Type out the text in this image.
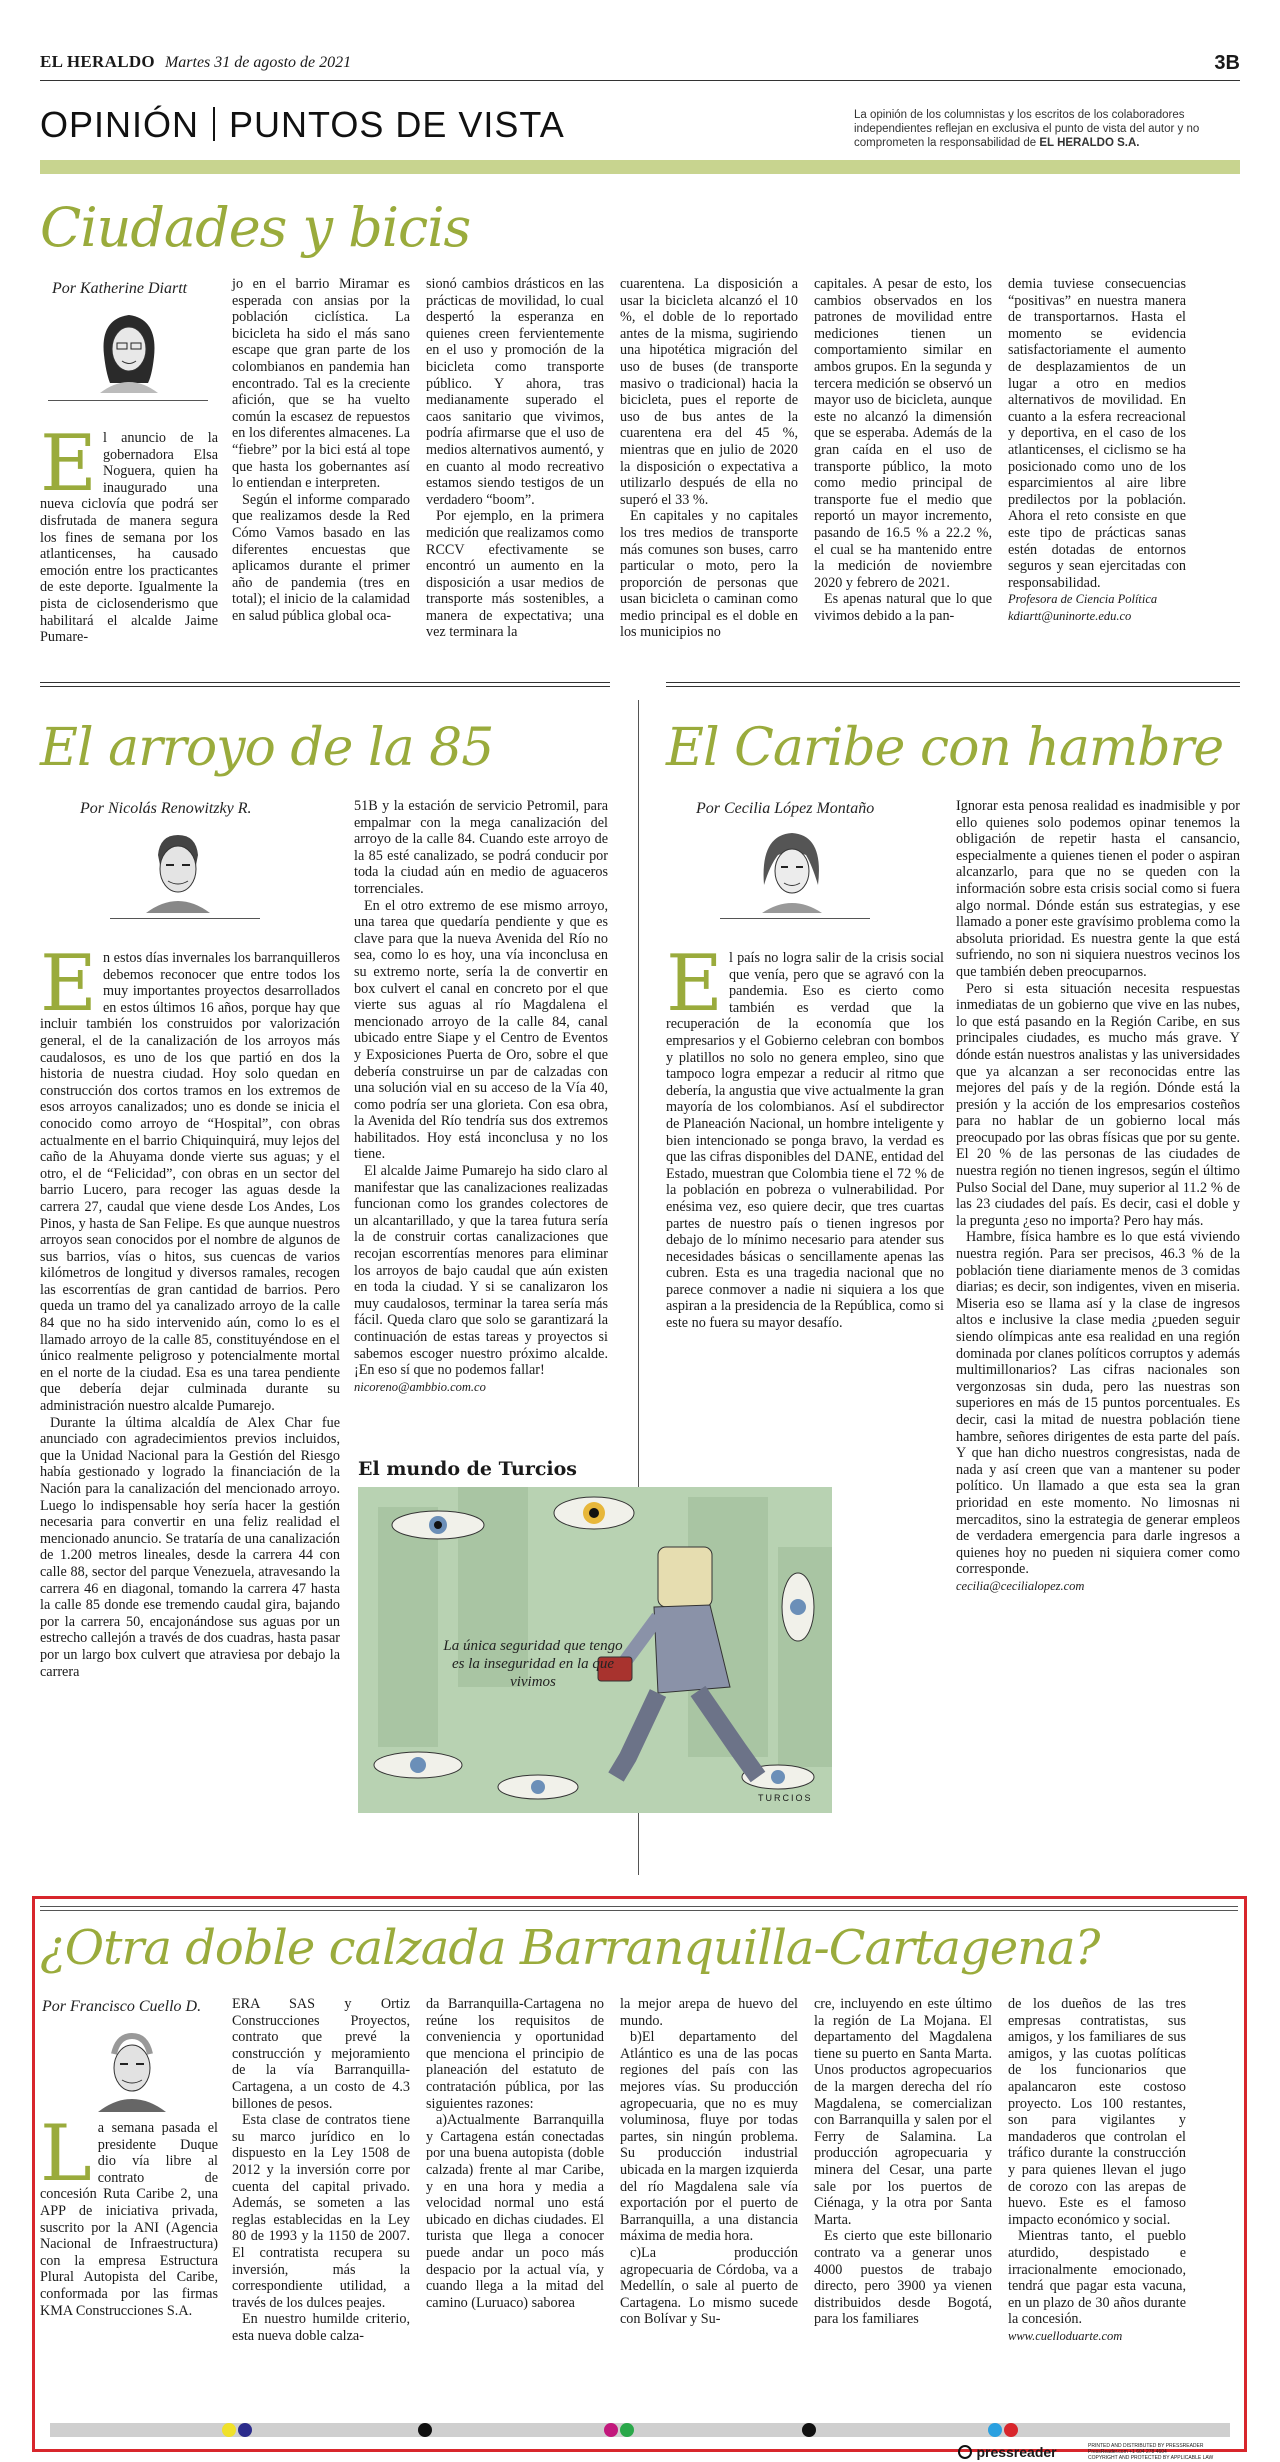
EL HERALDO Martes 31 de agosto de 2021	3B
OPINIÓN PUNTOS DE VISTA	La opinión de los columnistas y los escritos de los colaboradores independientes reflejan en exclusiva el punto de vista del autor y no comprometen la responsabilidad de EL HERALDO S.A.
Ciudades y bicis
Por Katherine Diartt
E l anuncio de la gobernadora Elsa Noguera, quien ha inaugurado una nueva ciclovía que podrá ser disfrutada de manera segura los fines de semana por los atlanticenses, ha causado emoción entre los practicantes de este deporte. Igualmente la pista de ciclosenderismo que habilitará el alcalde Jaime Pumare-

jo en el barrio Miramar es esperada con ansias por la población ciclística. La bicicleta ha sido el más sano escape que gran parte de los colombianos en pandemia han encontrado. Tal es la creciente afición, que se ha vuelto común la escasez de repuestos en los diferentes almacenes. La “fiebre” por la bici está al tope que hasta los gobernantes así lo entiendan e interpreten.

Según el informe comparado que realizamos desde la Red Cómo Vamos basado en las diferentes encuestas que aplicamos durante el primer año de pandemia (tres en total); el inicio de la calamidad en salud pública global oca-

sionó cambios drásticos en las prácticas de movilidad, lo cual despertó la esperanza en quienes creen fervientemente en el uso y promoción de la bicicleta como transporte público. Y ahora, tras medianamente superado el caos sanitario que vivimos, podría afirmarse que el uso de medios alternativos aumentó, y en cuanto al modo recreativo estamos siendo testigos de un verdadero “boom”.

Por ejemplo, en la primera medición que realizamos como RCCV efectivamente se encontró un aumento en la disposición a usar medios de transporte más sostenibles, a manera de expectativa; una vez terminara la

cuarentena. La disposición a usar la bicicleta alcanzó el 10 %, el doble de lo reportado antes de la misma, sugiriendo una hipotética migración del uso de buses (de transporte masivo o tradicional) hacia la bicicleta, pues el reporte de uso de bus antes de la cuarentena era del 45 %, mientras que en julio de 2020 la disposición o expectativa a utilizarlo después de ella no superó el 33 %.

En capitales y no capitales los tres medios de transporte más comunes son buses, carro particular o moto, pero la proporción de personas que usan bicicleta o caminan como medio principal es el doble en los municipios no

capitales. A pesar de esto, los cambios observados en los patrones de movilidad entre mediciones tienen un comportamiento similar en ambos grupos. En la segunda y tercera medición se observó un mayor uso de bicicleta, aunque este no alcanzó la dimensión que se esperaba. Además de la gran caída en el uso de transporte público, la moto como medio principal de transporte fue el medio que reportó un mayor incremento, pasando de 16.5 % a 22.2 %, el cual se ha mantenido entre la medición de noviembre 2020 y febrero de 2021.

Es apenas natural que lo que vivimos debido a la pan-

demia tuviese consecuencias “positivas” en nuestra manera de transportarnos. Hasta el momento se evidencia satisfactoriamente el aumento de desplazamientos de un lugar a otro en medios alternativos de movilidad. En cuanto a la esfera recreacional y deportiva, en el caso de los atlanticenses, el ciclismo se ha posicionado como uno de los esparcimientos al aire libre predilectos por la población. Ahora el reto consiste en que este tipo de prácticas sanas estén dotadas de entornos seguros y sean ejercitadas con responsabilidad.

Profesora de Ciencia Política

kdiartt@uninorte.edu.co

El arroyo de la 85
Por Nicolás Renowitzky R.
E n estos días invernales los barranquilleros debemos reconocer que entre todos los muy importantes proyectos desarrollados en estos últimos 16 años, porque hay que incluir también los construidos por valorización general, el de la canalización de los arroyos más caudalosos, es uno de los que partió en dos la historia de nuestra ciudad. Hoy solo quedan en construcción dos cortos tramos en los extremos de esos arroyos canalizados; uno es donde se inicia el conocido como arroyo de “Hospital”, con obras actualmente en el barrio Chiquinquirá, muy lejos del caño de la Ahuyama donde vierte sus aguas; y el otro, el de “Felicidad”, con obras en un sector del barrio Lucero, para recoger las aguas desde la carrera 27, caudal que viene desde Los Andes, Los Pinos, y hasta de San Felipe. Es que aunque nuestros arroyos sean conocidos por el nombre de algunos de sus barrios, vías o hitos, sus cuencas de varios kilómetros de longitud y diversos ramales, recogen las escorrentías de gran cantidad de barrios. Pero queda un tramo del ya canalizado arroyo de la calle 84 que no ha sido intervenido aún, como lo es el llamado arroyo de la calle 85, constituyéndose en el único realmente peligroso y potencialmente mortal en el norte de la ciudad. Esa es una tarea pendiente que debería dejar culminada durante su administración nuestro alcalde Pumarejo.

Durante la última alcaldía de Alex Char fue anunciado con agradecimientos previos incluidos, que la Unidad Nacional para la Gestión del Riesgo había gestionado y logrado la financiación de la Nación para la canalización del mencionado arroyo. Luego lo indispensable hoy sería hacer la gestión necesaria para convertir en una feliz realidad el mencionado anuncio. Se trataría de una canalización de 1.200 metros lineales, desde la carrera 44 con calle 88, sector del parque Venezuela, atravesando la carrera 46 en diagonal, tomando la carrera 47 hasta la calle 85 donde ese tremendo caudal gira, bajando por la carrera 50, encajonándose sus aguas por un estrecho callejón a través de dos cuadras, hasta pasar por un largo box culvert que atraviesa por debajo la carrera

51B y la estación de servicio Petromil, para empalmar con la mega canalización del arroyo de la calle 84. Cuando este arroyo de la 85 esté canalizado, se podrá conducir por toda la ciudad aún en medio de aguaceros torrenciales.

En el otro extremo de ese mismo arroyo, una tarea que quedaría pendiente y que es clave para que la nueva Avenida del Río no sea, como lo es hoy, una vía inconclusa en su extremo norte, sería la de convertir en box culvert el canal en concreto por el que vierte sus aguas al río Magdalena el mencionado arroyo de la calle 84, canal ubicado entre Siape y el Centro de Eventos y Exposiciones Puerta de Oro, sobre el que debería construirse un par de calzadas con una solución vial en su acceso de la Vía 40, como podría ser una glorieta. Con esa obra, la Avenida del Río tendría sus dos extremos habilitados. Hoy está inconclusa y no los tiene.

El alcalde Jaime Pumarejo ha sido claro al manifestar que las canalizaciones realizadas funcionan como los grandes colectores de un alcantarillado, y que la tarea futura sería la de construir cortas canalizaciones que recojan escorrentías menores para eliminar los arroyos de bajo caudal que aún existen en toda la ciudad. Y si se canalizaron los muy caudalosos, terminar la tarea sería más fácil. Queda claro que solo se garantizará la continuación de estas tareas y proyectos si sabemos escoger nuestro próximo alcalde. ¡En eso sí que no podemos fallar!

nicoreno@ambbio.com.co

El Caribe con hambre
Por Cecilia López Montaño
E l país no logra salir de la crisis social que venía, pero que se agravó con la pandemia. Eso es cierto como también es verdad que la recuperación de la economía que los empresarios y el Gobierno celebran con bombos y platillos no solo no genera empleo, sino que tampoco logra empezar a reducir al ritmo que debería, la angustia que vive actualmente la gran mayoría de los colombianos. Así el subdirector de Planeación Nacional, un hombre inteligente y bien intencionado se ponga bravo, la verdad es que las cifras disponibles del DANE, entidad del Estado, muestran que Colombia tiene el 72 % de la población en pobreza o vulnerabilidad. Por enésima vez, eso quiere decir, que tres cuartas partes de nuestro país o tienen ingresos por debajo de lo mínimo necesario para atender sus necesidades básicas o sencillamente apenas las cubren. Esta es una tragedia nacional que no parece conmover a nadie ni siquiera a los que aspiran a la presidencia de la República, como si este no fuera su mayor desafío.

Ignorar esta penosa realidad es inadmisible y por ello quienes solo podemos opinar tenemos la obligación de repetir hasta el cansancio, especialmente a quienes tienen el poder o aspiran alcanzarlo, para que no se queden con la información sobre esta crisis social como si fuera algo normal. Dónde están sus estrategias, y ese llamado a poner este gravísimo problema como la absoluta prioridad. Es nuestra gente la que está sufriendo, no son ni siquiera nuestros vecinos los que también deben preocuparnos.

Pero si esta situación necesita respuestas inmediatas de un gobierno que vive en las nubes, lo que está pasando en la Región Caribe, en sus principales ciudades, es mucho más grave. Y dónde están nuestros analistas y las universidades que ya alcanzan a ser reconocidas entre las mejores del país y de la región. Dónde está la presión y la acción de los empresarios costeños para no hablar de un gobierno local más preocupado por las obras físicas que por su gente. El 20 % de las personas de las ciudades de nuestra región no tienen ingresos, según el último Pulso Social del Dane, muy superior al 11.2 % de las 23 ciudades del país. Es decir, casi el doble y la pregunta ¿eso no importa? Pero hay más.

Hambre, física hambre es lo que está viviendo nuestra región. Para ser precisos, 46.3 % de la población tiene diariamente menos de 3 comidas diarias; es decir, son indigentes, viven en miseria. Miseria eso se llama así y la clase de ingresos altos e inclusive la clase media ¿pueden seguir siendo olímpicas ante esa realidad en una región dominada por clanes políticos corruptos y además multimillonarios? Las cifras nacionales son vergonzosas sin duda, pero las nuestras son superiores en más de 15 puntos porcentuales. Es decir, casi la mitad de nuestra población tiene hambre, señores dirigentes de esta parte del país. Y que han dicho nuestros congresistas, nada de nada y así creen que van a mantener su poder político. Un llamado a que esta sea la gran prioridad en este momento. No limosnas ni mercaditos, sino la estrategia de generar empleos de verdadera emergencia para darle ingresos a quienes hoy no pueden ni siquiera comer como corresponde.

cecilia@cecilialopez.com

El mundo de Turcios
La única seguridad que tengo es la inseguridad en la que vivimos
TURCIOS
¿Otra doble calzada Barranquilla-Cartagena?
Por Francisco Cuello D.
L a semana pasada el presidente Duque dio vía libre al contrato de concesión Ruta Caribe 2, una APP de iniciativa privada, suscrito por la ANI (Agencia Nacional de Infraestructura) con la empresa Estructura Plural Autopista del Caribe, conformada por las firmas KMA Construcciones S.A.

ERA SAS y Ortiz Construcciones Proyectos, contrato que prevé la construcción y mejoramiento de la vía Barranquilla- Cartagena, a un costo de 4.3 billones de pesos.

Esta clase de contratos tiene su marco jurídico en lo dispuesto en la Ley 1508 de 2012 y la inversión corre por cuenta del capital privado. Además, se someten a las reglas establecidas en la Ley 80 de 1993 y la 1150 de 2007. El contratista recupera su inversión, más la correspondiente utilidad, a través de los dulces peajes.

En nuestro humilde criterio, esta nueva doble calza-

da Barranquilla-Cartagena no reúne los requisitos de conveniencia y oportunidad que menciona el principio de planeación del estatuto de contratación pública, por las siguientes razones:

a)Actualmente Barranquilla y Cartagena están conectadas por una buena autopista (doble calzada) frente al mar Caribe, y en una hora y media a velocidad normal uno está ubicado en dichas ciudades. El turista que llega a conocer puede andar un poco más despacio por la actual vía, y cuando llega a la mitad del camino (Luruaco) saborea

la mejor arepa de huevo del mundo.

b)El departamento del Atlántico es una de las pocas regiones del país con las mejores vías. Su producción agropecuaria, que no es muy voluminosa, fluye por todas partes, sin ningún problema. Su producción industrial ubicada en la margen izquierda del río Magdalena sale vía exportación por el puerto de Barranquilla, a una distancia máxima de media hora.

c)La producción agropecuaria de Córdoba, va a Medellín, o sale al puerto de Cartagena. Lo mismo sucede con Bolívar y Su-

cre, incluyendo en este último la región de La Mojana. El departamento del Magdalena tiene su puerto en Santa Marta. Unos productos agropecuarios de la margen derecha del río Magdalena, se comercializan con Barranquilla y salen por el Ferry de Salamina. La producción agropecuaria y minera del Cesar, una parte sale por los puertos de Ciénaga, y la otra por Santa Marta.

Es cierto que este billonario contrato va a generar unos 4000 puestos de trabajo directo, pero 3900 ya vienen distribuidos desde Bogotá, para los familiares

de los dueños de las tres empresas contratistas, sus amigos, y los familiares de sus amigos, y las cuotas políticas de los funcionarios que apalancaron este costoso proyecto. Los 100 restantes, son para vigilantes y mandaderos que controlan el tráfico durante la construcción y para quienes llevan el jugo de corozo con las arepas de huevo. Este es el famoso impacto económico y social.

Mientras tanto, el pueblo aturdido, despistado e irracionalmente emocionado, tendrá que pagar esta vacuna, en un plazo de 30 años durante la concesión.

www.cuelloduarte.com

pressreader	PRINTED AND DISTRIBUTED BY PRESSREADER
PressReader.com +1 604 278 4604
COPYRIGHT AND PROTECTED BY APPLICABLE LAW
